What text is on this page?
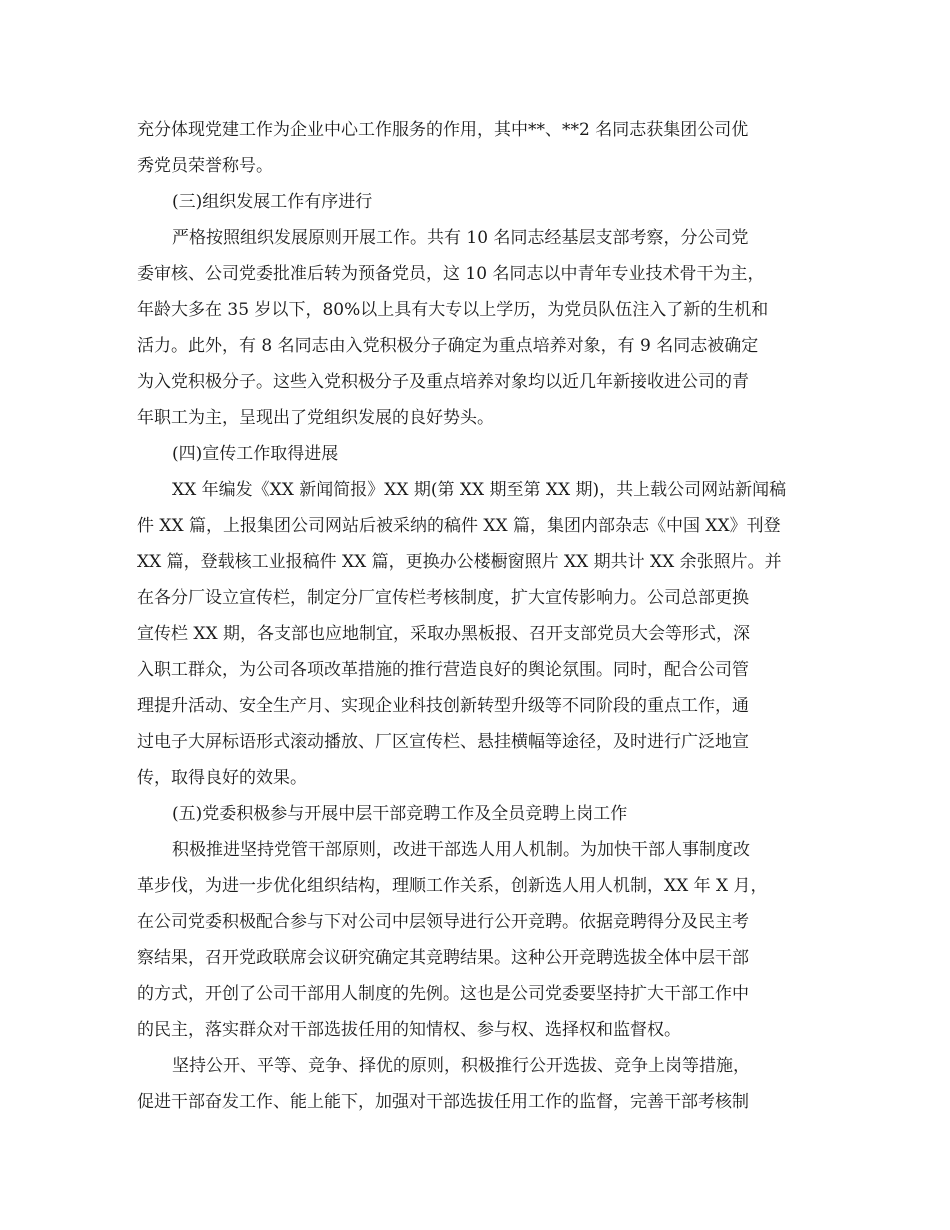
充分体现党建工作为企业中心工作服务的作用，其中**、**2 名同志获集团公司优
秀党员荣誉称号。
(三)组织发展工作有序进行
严格按照组织发展原则开展工作。共有 10 名同志经基层支部考察，分公司党
委审核、公司党委批准后转为预备党员，这 10 名同志以中青年专业技术骨干为主，
年龄大多在 35 岁以下，80%以上具有大专以上学历，为党员队伍注入了新的生机和
活力。此外，有 8 名同志由入党积极分子确定为重点培养对象，有 9 名同志被确定
为入党积极分子。这些入党积极分子及重点培养对象均以近几年新接收进公司的青
年职工为主，呈现出了党组织发展的良好势头。
(四)宣传工作取得进展
XX 年编发《XX 新闻简报》XX 期(第 XX 期至第 XX 期)，共上载公司网站新闻稿
件 XX 篇，上报集团公司网站后被采纳的稿件 XX 篇，集团内部杂志《中国 XX》刊登
XX 篇，登载核工业报稿件 XX 篇，更换办公楼橱窗照片 XX 期共计 XX 余张照片。并
在各分厂设立宣传栏，制定分厂宣传栏考核制度，扩大宣传影响力。公司总部更换
宣传栏 XX 期，各支部也应地制宜，采取办黑板报、召开支部党员大会等形式，深
入职工群众，为公司各项改革措施的推行营造良好的舆论氛围。同时，配合公司管
理提升活动、安全生产月、实现企业科技创新转型升级等不同阶段的重点工作，通
过电子大屏标语形式滚动播放、厂区宣传栏、悬挂横幅等途径，及时进行广泛地宣
传，取得良好的效果。
(五)党委积极参与开展中层干部竞聘工作及全员竞聘上岗工作
积极推进坚持党管干部原则，改进干部选人用人机制。为加快干部人事制度改
革步伐，为进一步优化组织结构，理顺工作关系，创新选人用人机制，XX 年 X 月，
在公司党委积极配合参与下对公司中层领导进行公开竞聘。依据竞聘得分及民主考
察结果，召开党政联席会议研究确定其竞聘结果。这种公开竞聘选拔全体中层干部
的方式，开创了公司干部用人制度的先例。这也是公司党委要坚持扩大干部工作中
的民主，落实群众对干部选拔任用的知情权、参与权、选择权和监督权。
坚持公开、平等、竞争、择优的原则，积极推行公开选拔、竞争上岗等措施，
促进干部奋发工作、能上能下，加强对干部选拔任用工作的监督，完善干部考核制
